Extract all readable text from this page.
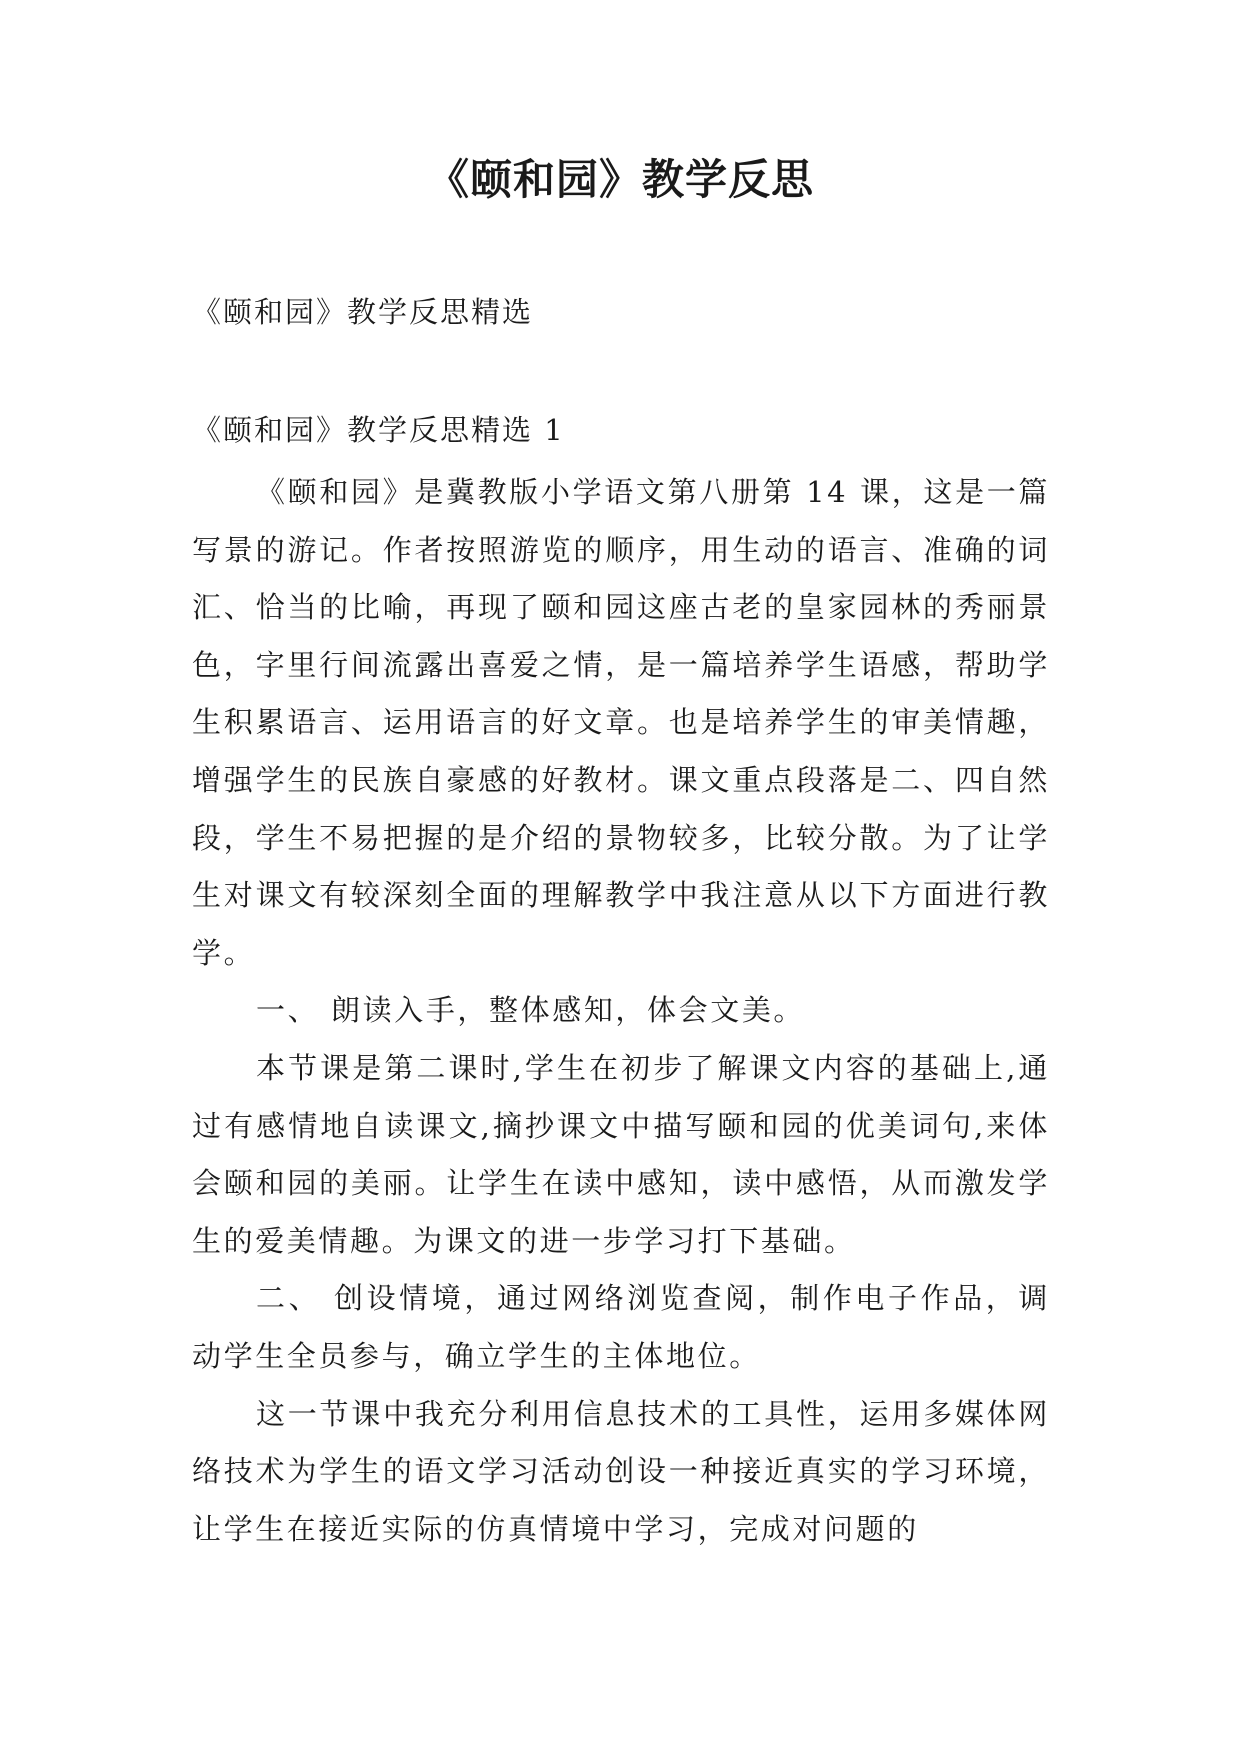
《颐和园》教学反思
《颐和园》教学反思精选
《颐和园》教学反思精选 1

《颐和园》是冀教版小学语文第八册第 14 课，这是一篇写景的游记。作者按照游览的顺序，用生动的语言、准确的词汇、恰当的比喻，再现了颐和园这座古老的皇家园林的秀丽景色，字里行间流露出喜爱之情，是一篇培养学生语感，帮助学生积累语言、运用语言的好文章。也是培养学生的审美情趣，增强学生的民族自豪感的好教材。课文重点段落是二、四自然段，学生不易把握的是介绍的景物较多，比较分散。为了让学生对课文有较深刻全面的理解教学中我注意从以下方面进行教学。

一、 朗读入手，整体感知，体会文美。

本节课是第二课时,学生在初步了解课文内容的基础上,通过有感情地自读课文,摘抄课文中描写颐和园的优美词句,来体会颐和园的美丽。让学生在读中感知，读中感悟，从而激发学生的爱美情趣。为课文的进一步学习打下基础。

二、 创设情境，通过网络浏览查阅，制作电子作品，调动学生全员参与，确立学生的主体地位。

这一节课中我充分利用信息技术的工具性，运用多媒体网络技术为学生的语文学习活动创设一种接近真实的学习环境，让学生在接近实际的仿真情境中学习，完成对问题的
